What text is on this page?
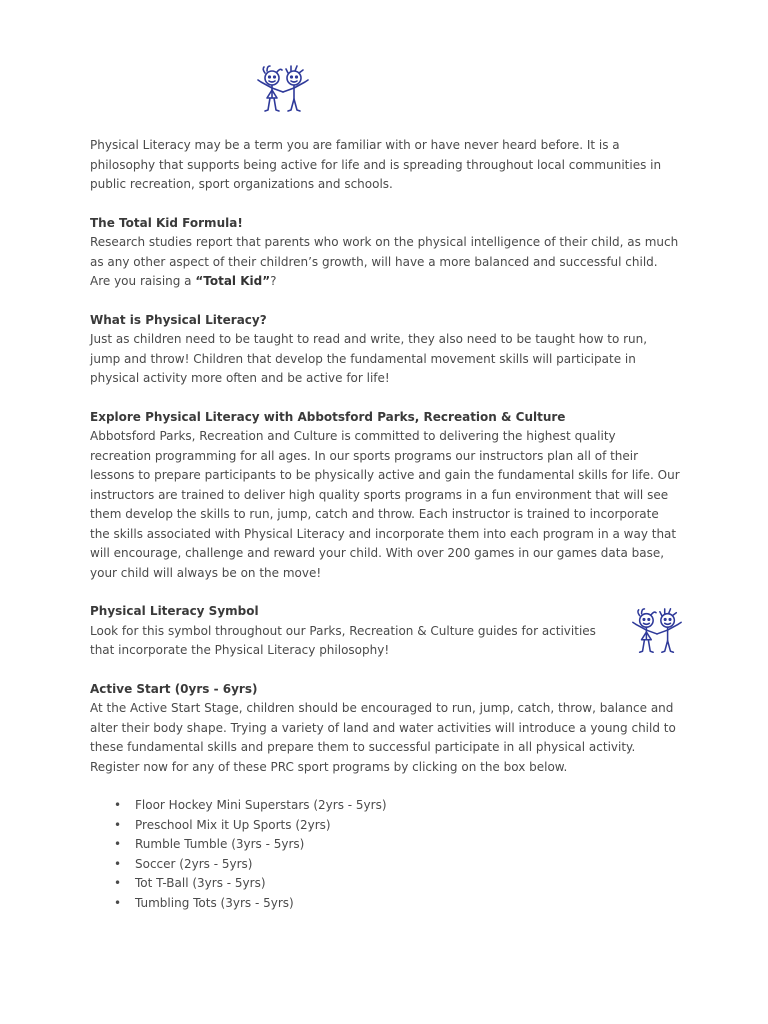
Physical Literacy may be a term you are familiar with or have never heard before. It is a philosophy that supports being active for life and is spreading throughout local communities in public recreation, sport organizations and schools.

The Total Kid Formula!

Research studies report that parents who work on the physical intelligence of their child, as much as any other aspect of their children’s growth, will have a more balanced and successful child. Are you raising a “Total Kid”?

What is Physical Literacy?

Just as children need to be taught to read and write, they also need to be taught how to run, jump and throw! Children that develop the fundamental movement skills will participate in physical activity more often and be active for life!

Explore Physical Literacy with Abbotsford Parks, Recreation & Culture

Abbotsford Parks, Recreation and Culture is committed to delivering the highest quality recreation programming for all ages. In our sports programs our instructors plan all of their lessons to prepare participants to be physically active and gain the fundamental skills for life. Our instructors are trained to deliver high quality sports programs in a fun environment that will see them develop the skills to run, jump, catch and throw. Each instructor is trained to incorporate the skills associated with Physical Literacy and incorporate them into each program in a way that will encourage, challenge and reward your child. With over 200 games in our games data base, your child will always be on the move!

Physical Literacy Symbol

Look for this symbol throughout our Parks, Recreation & Culture guides for activities that incorporate the Physical Literacy philosophy!

Active Start (0yrs - 6yrs)

At the Active Start Stage, children should be encouraged to run, jump, catch, throw, balance and alter their body shape. Trying a variety of land and water activities will introduce a young child to these fundamental skills and prepare them to successful participate in all physical activity. Register now for any of these PRC sport programs by clicking on the box below.

• Floor Hockey Mini Superstars (2yrs - 5yrs)
• Preschool Mix it Up Sports (2yrs)
• Rumble Tumble (3yrs - 5yrs)
• Soccer (2yrs - 5yrs)
• Tot T-Ball (3yrs - 5yrs)
• Tumbling Tots (3yrs - 5yrs)
